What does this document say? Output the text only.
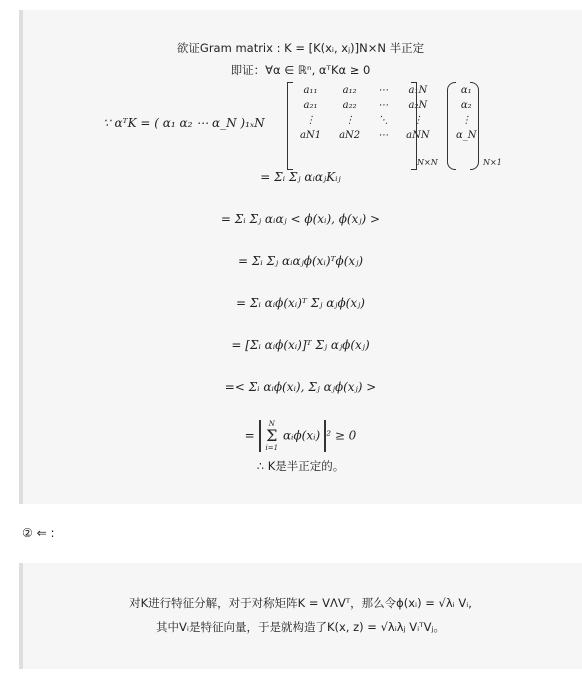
欲证Gram matrix : K = [K(xᵢ, xⱼ)]N×N 半正定
即证：∀α ∈ ℝⁿ, αᵀKα ≥ 0
∵ αᵀK = ( α₁ α₂ ⋯ α_N )₁ₓN
a₁₁	a₁₂	⋯	a₁N
a₂₁	a₂₂	⋯	a₂N
⋮	⋮	⋱	⋮
aN1	aN2	⋯	aNN
N×N
α₁
α₂
⋮
α_N
N×1
= Σᵢ Σⱼ αᵢαⱼKᵢⱼ
= Σᵢ Σⱼ αᵢαⱼ < ϕ(xᵢ), ϕ(xⱼ) >
= Σᵢ Σⱼ αᵢαⱼϕ(xᵢ)ᵀϕ(xⱼ)
= Σᵢ αᵢϕ(xᵢ)ᵀ Σⱼ αⱼϕ(xⱼ)
= [Σᵢ αᵢϕ(xᵢ)]ᵀ Σⱼ αⱼϕ(xⱼ)
=< Σᵢ αᵢϕ(xᵢ), Σⱼ αⱼϕ(xⱼ) >
=
N
Σ
i=1
αᵢϕ(xᵢ) ² ≥ 0
∴ K是半正定的。
② ⇐ :
对K进行特征分解，对于对称矩阵K = VΛVᵀ，那么令ϕ(xᵢ) = √λᵢ Vᵢ,
其中Vᵢ是特征向量，于是就构造了K(x, z) = √λᵢλⱼ VᵢᵀVⱼ。
